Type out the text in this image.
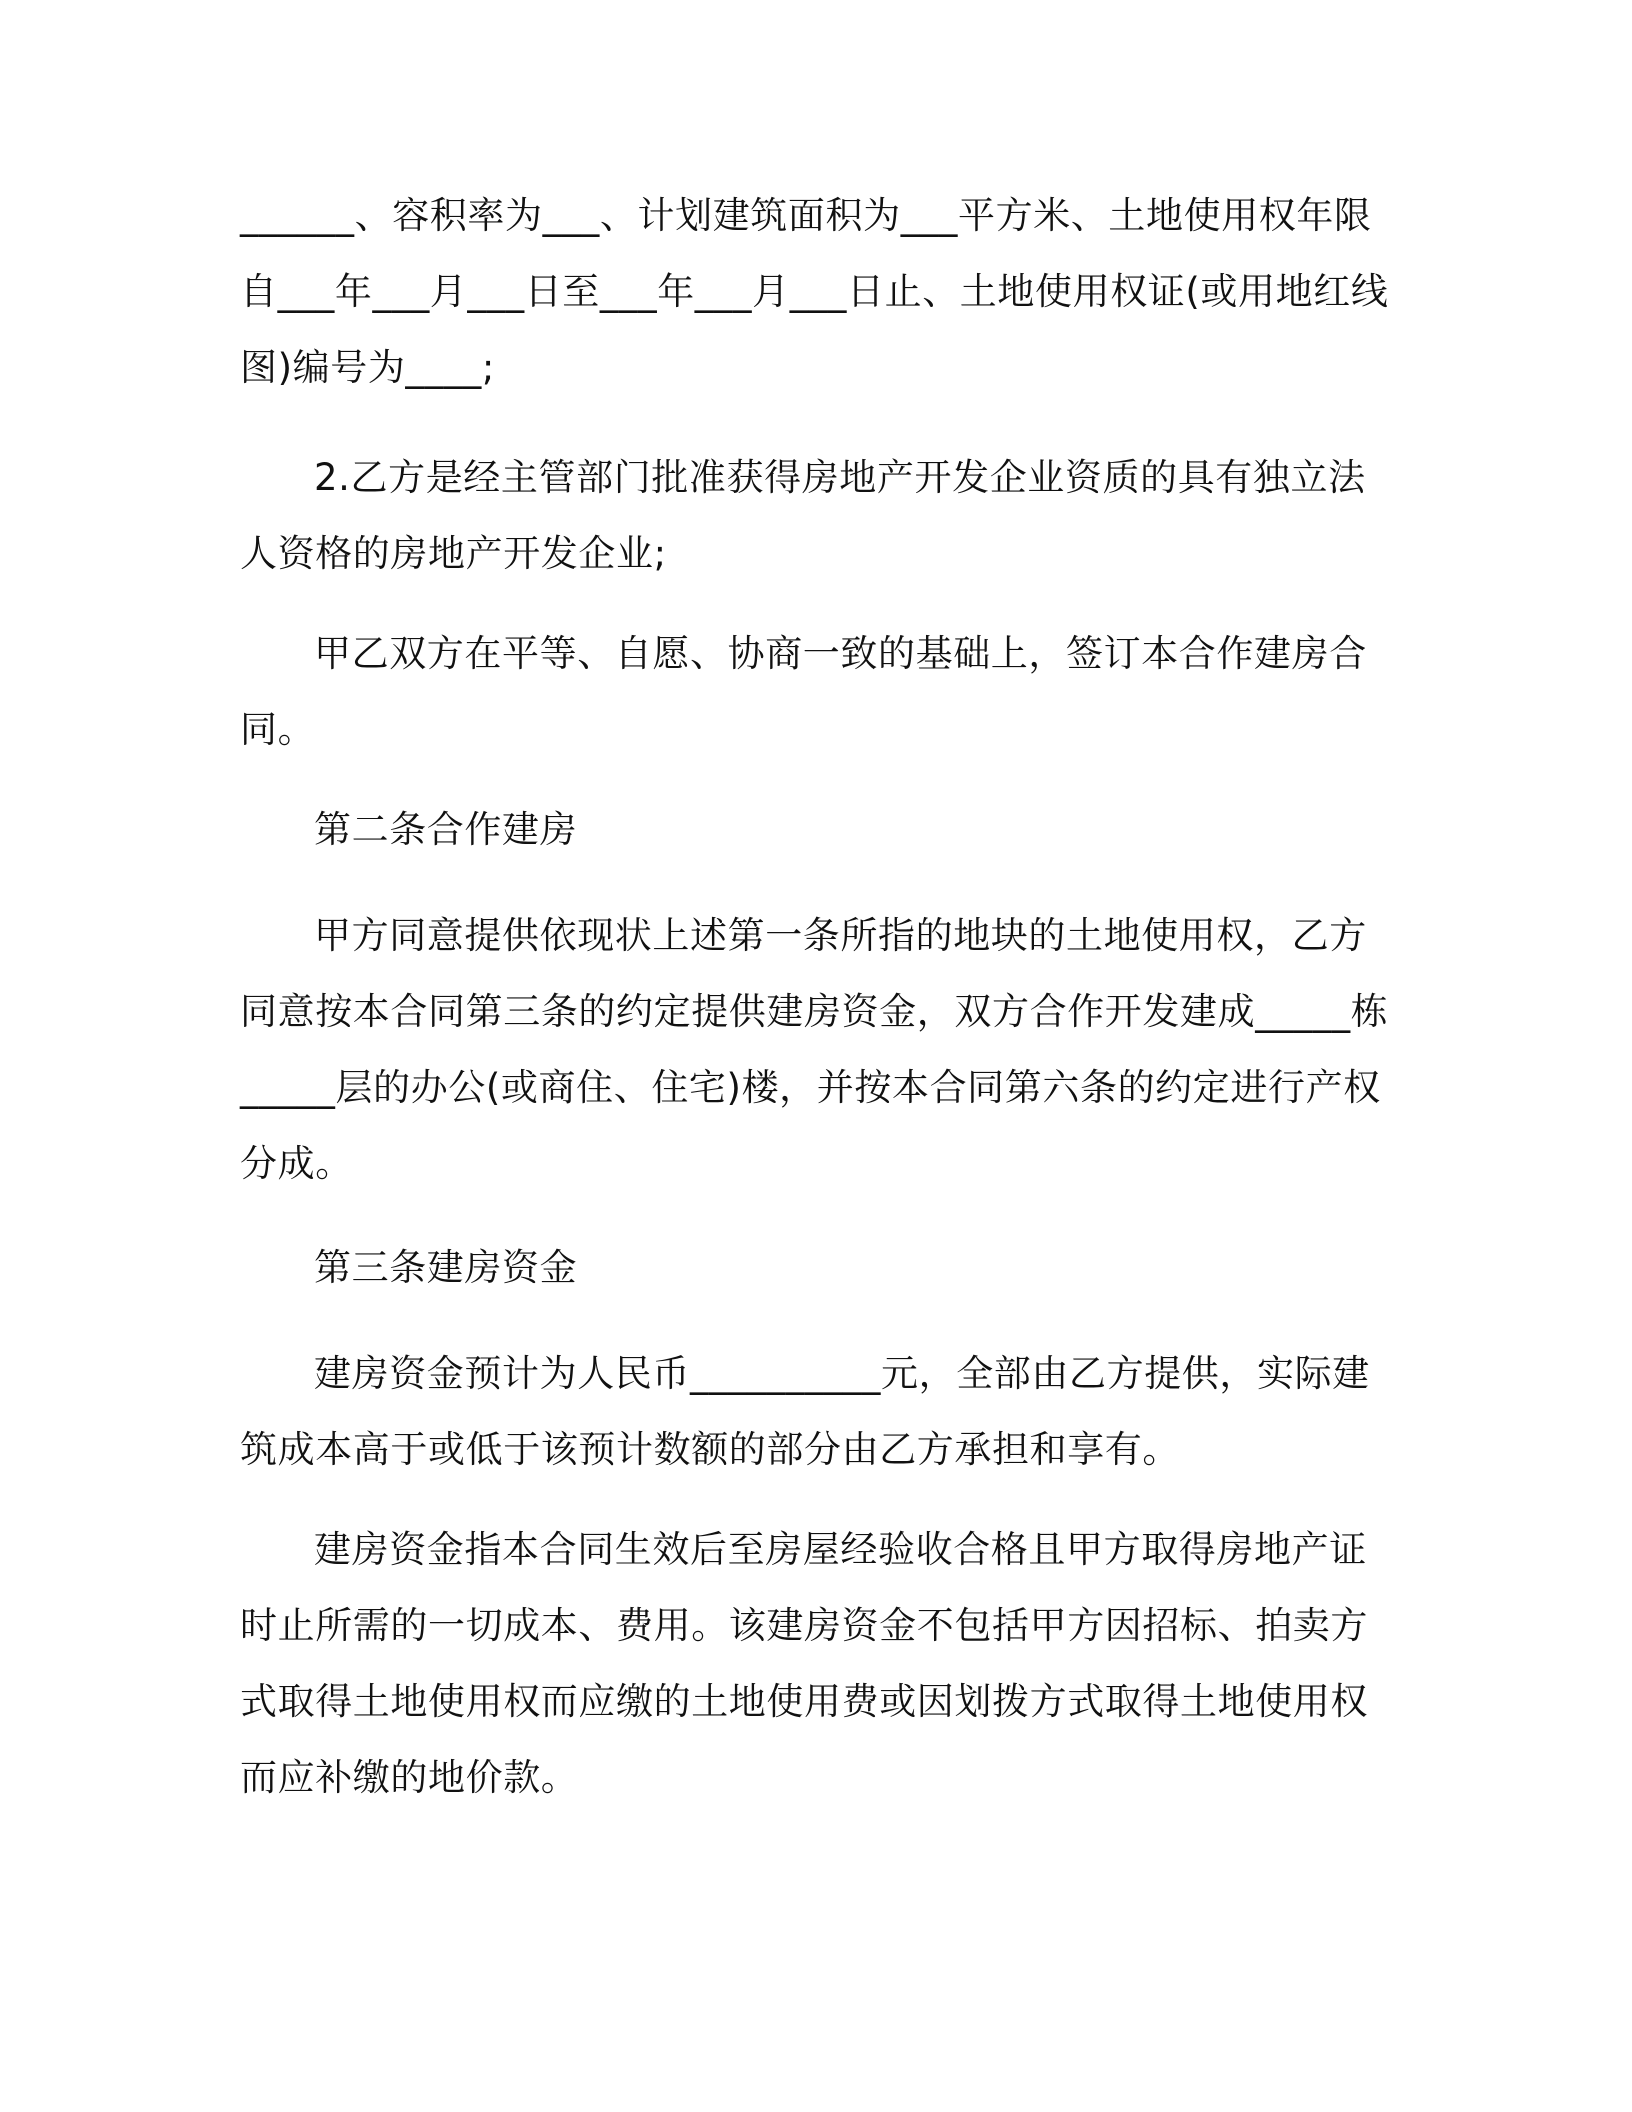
______、容积率为___、计划建筑面积为___平方米、土地使用权年限自___年___月___日至___年___月___日止、土地使用权证(或用地红线图)编号为____;
2.乙方是经主管部门批准获得房地产开发企业资质的具有独立法人资格的房地产开发企业;
甲乙双方在平等、自愿、协商一致的基础上，签订本合作建房合同。
第二条合作建房
甲方同意提供依现状上述第一条所指的地块的土地使用权，乙方同意按本合同第三条的约定提供建房资金，双方合作开发建成_____栋_____层的办公(或商住、住宅)楼，并按本合同第六条的约定进行产权分成。
第三条建房资金
建房资金预计为人民币__________元，全部由乙方提供，实际建筑成本高于或低于该预计数额的部分由乙方承担和享有。
建房资金指本合同生效后至房屋经验收合格且甲方取得房地产证时止所需的一切成本、费用。该建房资金不包括甲方因招标、拍卖方式取得土地使用权而应缴的土地使用费或因划拨方式取得土地使用权而应补缴的地价款。
